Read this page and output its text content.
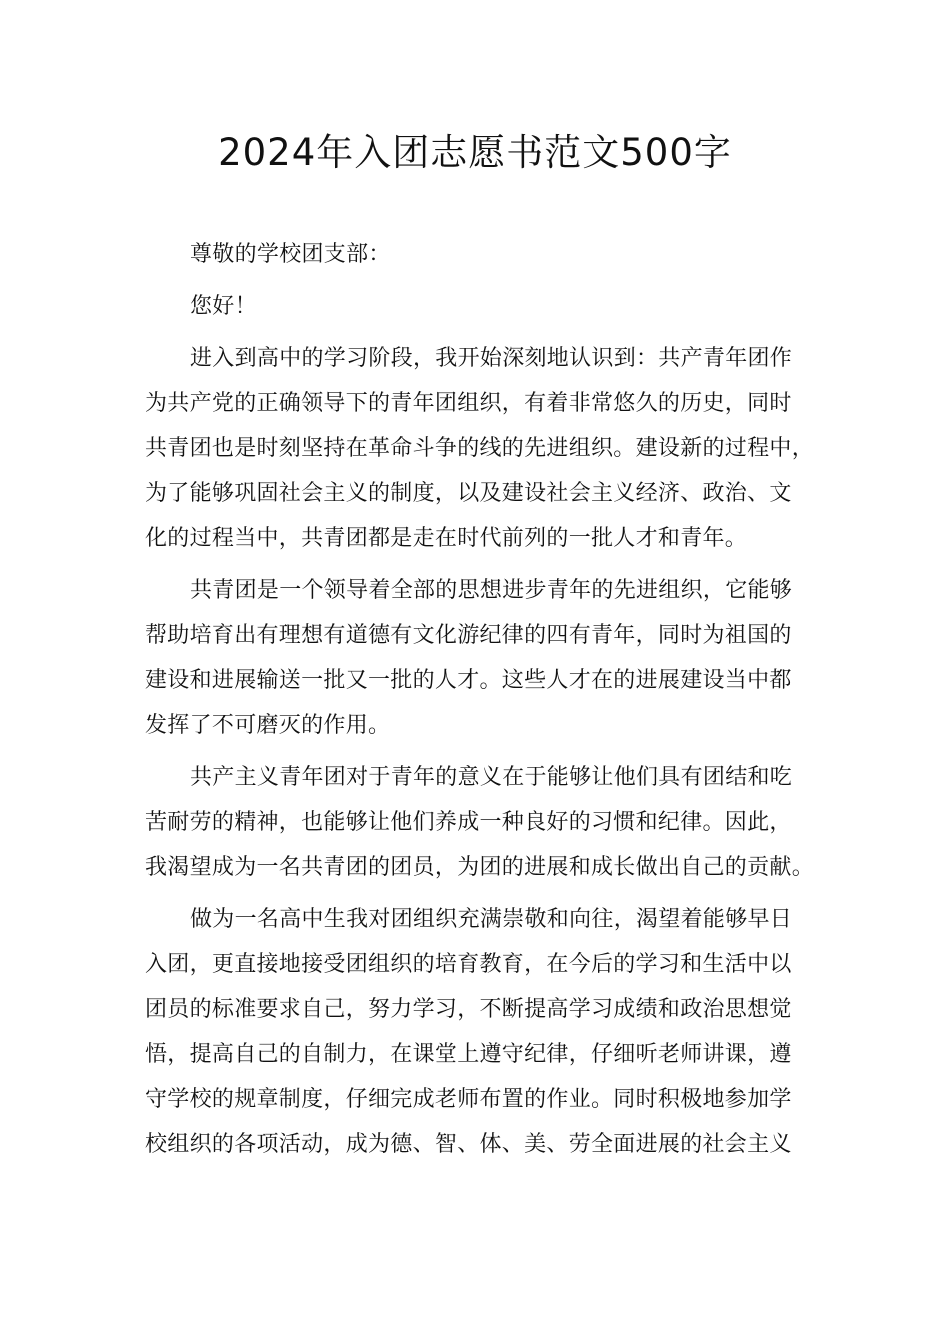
2024年入团志愿书范文500字

尊敬的学校团支部：

您好！

进入到高中的学习阶段，我开始深刻地认识到：共产青年团作
为共产党的正确领导下的青年团组织，有着非常悠久的历史，同时
共青团也是时刻坚持在革命斗争的线的先进组织。建设新的过程中，
为了能够巩固社会主义的制度，以及建设社会主义经济、政治、文
化的过程当中，共青团都是走在时代前列的一批人才和青年。

共青团是一个领导着全部的思想进步青年的先进组织，它能够
帮助培育出有理想有道德有文化游纪律的四有青年，同时为祖国的
建设和进展输送一批又一批的人才。这些人才在的进展建设当中都
发挥了不可磨灭的作用。

共产主义青年团对于青年的意义在于能够让他们具有团结和吃
苦耐劳的精神，也能够让他们养成一种良好的习惯和纪律。因此，
我渴望成为一名共青团的团员，为团的进展和成长做出自己的贡献。

做为一名高中生我对团组织充满崇敬和向往，渴望着能够早日
入团，更直接地接受团组织的培育教育，在今后的学习和生活中以
团员的标准要求自己，努力学习，不断提高学习成绩和政治思想觉
悟，提高自己的自制力，在课堂上遵守纪律，仔细听老师讲课，遵
守学校的规章制度，仔细完成老师布置的作业。同时积极地参加学
校组织的各项活动，成为德、智、体、美、劳全面进展的社会主义
